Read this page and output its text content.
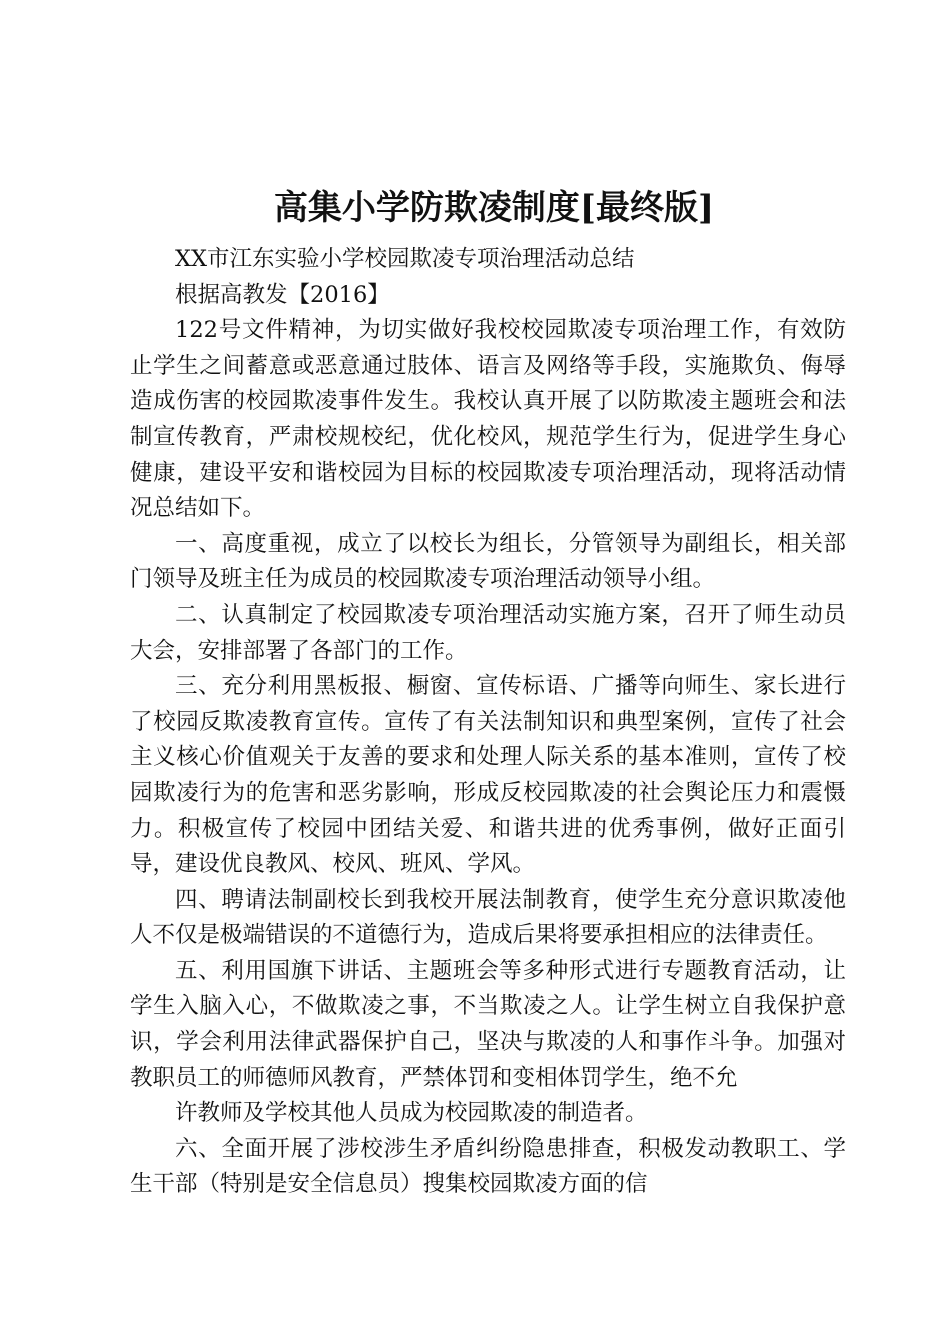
高集小学防欺凌制度[最终版]

XX市江东实验小学校园欺凌专项治理活动总结

根据高教发【2016】

122号文件精神，为切实做好我校校园欺凌专项治理工作，有效防止学生之间蓄意或恶意通过肢体、语言及网络等手段，实施欺负、侮辱造成伤害的校园欺凌事件发生。我校认真开展了以防欺凌主题班会和法制宣传教育，严肃校规校纪，优化校风，规范学生行为，促进学生身心健康，建设平安和谐校园为目标的校园欺凌专项治理活动，现将活动情况总结如下。

一、高度重视，成立了以校长为组长，分管领导为副组长，相关部门领导及班主任为成员的校园欺凌专项治理活动领导小组。

二、认真制定了校园欺凌专项治理活动实施方案，召开了师生动员大会，安排部署了各部门的工作。

三、充分利用黑板报、橱窗、宣传标语、广播等向师生、家长进行了校园反欺凌教育宣传。宣传了有关法制知识和典型案例，宣传了社会主义核心价值观关于友善的要求和处理人际关系的基本准则，宣传了校园欺凌行为的危害和恶劣影响，形成反校园欺凌的社会舆论压力和震慑力。积极宣传了校园中团结关爱、和谐共进的优秀事例，做好正面引导，建设优良教风、校风、班风、学风。

四、聘请法制副校长到我校开展法制教育，使学生充分意识欺凌他人不仅是极端错误的不道德行为，造成后果将要承担相应的法律责任。

五、利用国旗下讲话、主题班会等多种形式进行专题教育活动，让学生入脑入心，不做欺凌之事，不当欺凌之人。让学生树立自我保护意识，学会利用法律武器保护自己，坚决与欺凌的人和事作斗争。加强对教职员工的师德师风教育，严禁体罚和变相体罚学生，绝不允

许教师及学校其他人员成为校园欺凌的制造者。

六、全面开展了涉校涉生矛盾纠纷隐患排查，积极发动教职工、学生干部（特别是安全信息员）搜集校园欺凌方面的信
